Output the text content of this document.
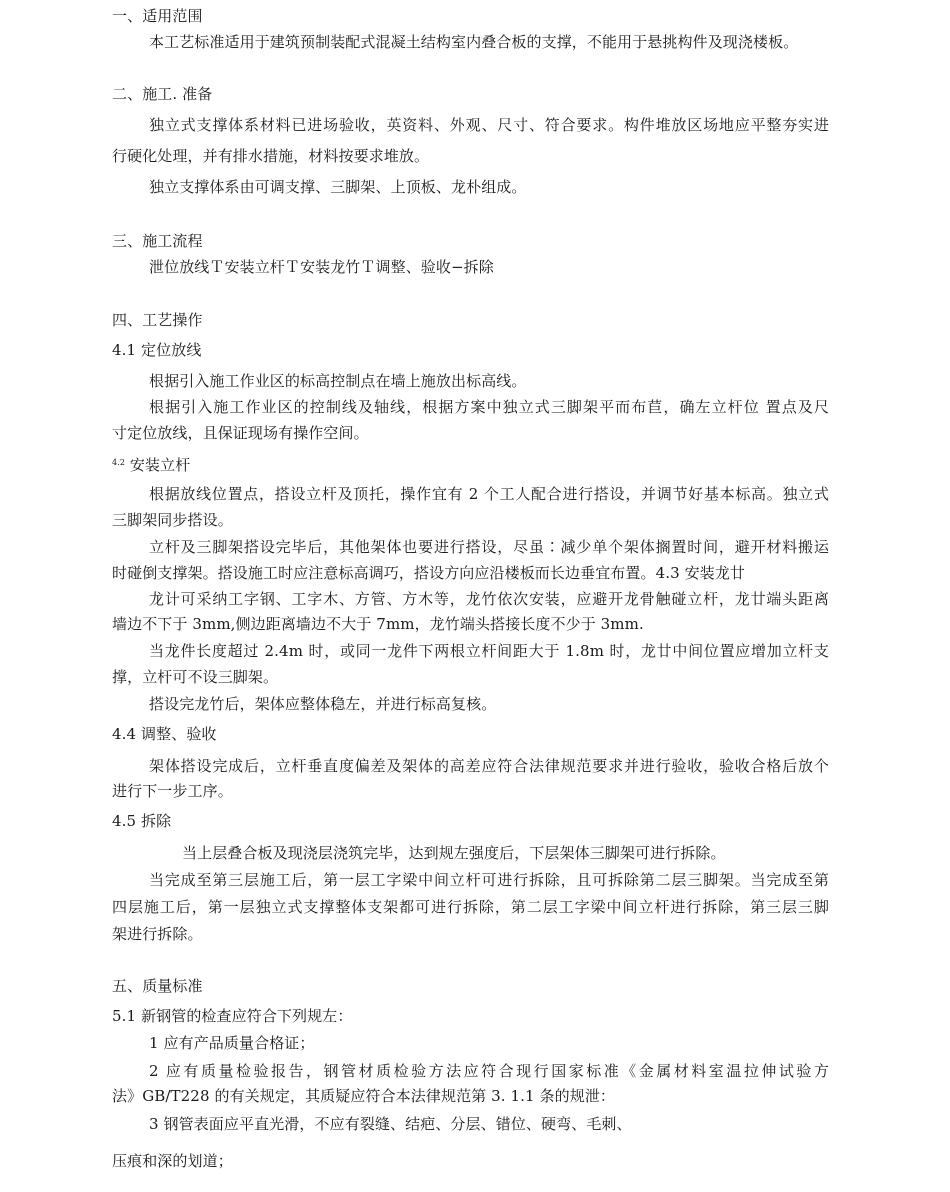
一、适用范围
本工艺标准适用于建筑预制装配式混凝土结构室内叠合板的支撑，不能用于悬挑构件及现浇楼板。
二、施工. 准备
独立式支撑体系材料已进场验收，英资料、外观、尺寸、符合要求。构件堆放区场地应平整夯实进
行硬化处理，并有排水措施，材料按要求堆放。
独立支撑体系由可调支撑、三脚架、上顶板、龙朴组成。
三、施工流程
泄位放线Ｔ安装立杆Ｔ安装龙竹Ｔ调整、验收−拆除
四、工艺操作
4.1 定位放线
根据引入施工作业区的标高控制点在墙上施放出标高线。
根据引入施工作业区的控制线及轴线，根据方案中独立式三脚架平而布苣，确左立杆位 置点及尺
寸定位放线，且保证现场有操作空间。
$^{4.2}$ 安装立杆
根据放线位置点，搭设立杆及顶托，操作宜有 2 个工人配合进行搭设，并调节好基本标高。独立式
三脚架同步搭设。
立杆及三脚架搭设完毕后，其他架体也要进行搭设，尽虽∶减少单个架体搁置时间，避开材料搬运
时碰倒支撑架。搭设施工时应注意标高调巧，搭设方向应沿楼板而长边垂宜布置。4.3 安装龙廿
龙计可采纳工字钢、工字木、方管、方木等，龙竹依次安装，应避开龙骨触碰立杆，龙廿端头距离
墙边不下于 3mm,侧边距离墙边不大于 7mm，龙竹端头搭接长度不少于 3mm.
当龙件长度超过 2.4m 时，或同一龙件下两根立杆间距大于 1.8m 时，龙廿中间位置应增加立杆支
撑，立杆可不设三脚架。
搭设完龙竹后，架体应整体稳左，并进行标高复核。
4.4 调整、验收
架体搭设完成后，立杆垂直度偏差及架体的高差应符合法律规范要求并进行验收，验收合格后放个
进行下一步工序。
4.5 拆除
当上层叠合板及现浇层浇筑完毕，达到规左强度后，下层架体三脚架可进行拆除。
当完成至第三层施工后，第一层工字梁中间立杆可进行拆除，且可拆除第二层三脚架。当完成至第
四层施工后，第一层独立式支撑整体支架都可进行拆除，第二层工字梁中间立杆进行拆除，第三层三脚
架进行拆除。
五、质量标准
5.1 新钢管的检查应符合下列规左：
1 应有产品质量合格证；
2 应有质量检验报告，钢管材质检验方法应符合现行国家标准《金属材料室温拉伸试验方
法》GB/T228 的有关规定，其质疑应符合本法律规范第 3. 1.1 条的规泄：
3 钢管表面应平直光滑，不应有裂缝、结疤、分层、错位、硬弯、毛刺、
压痕和深的划道；
